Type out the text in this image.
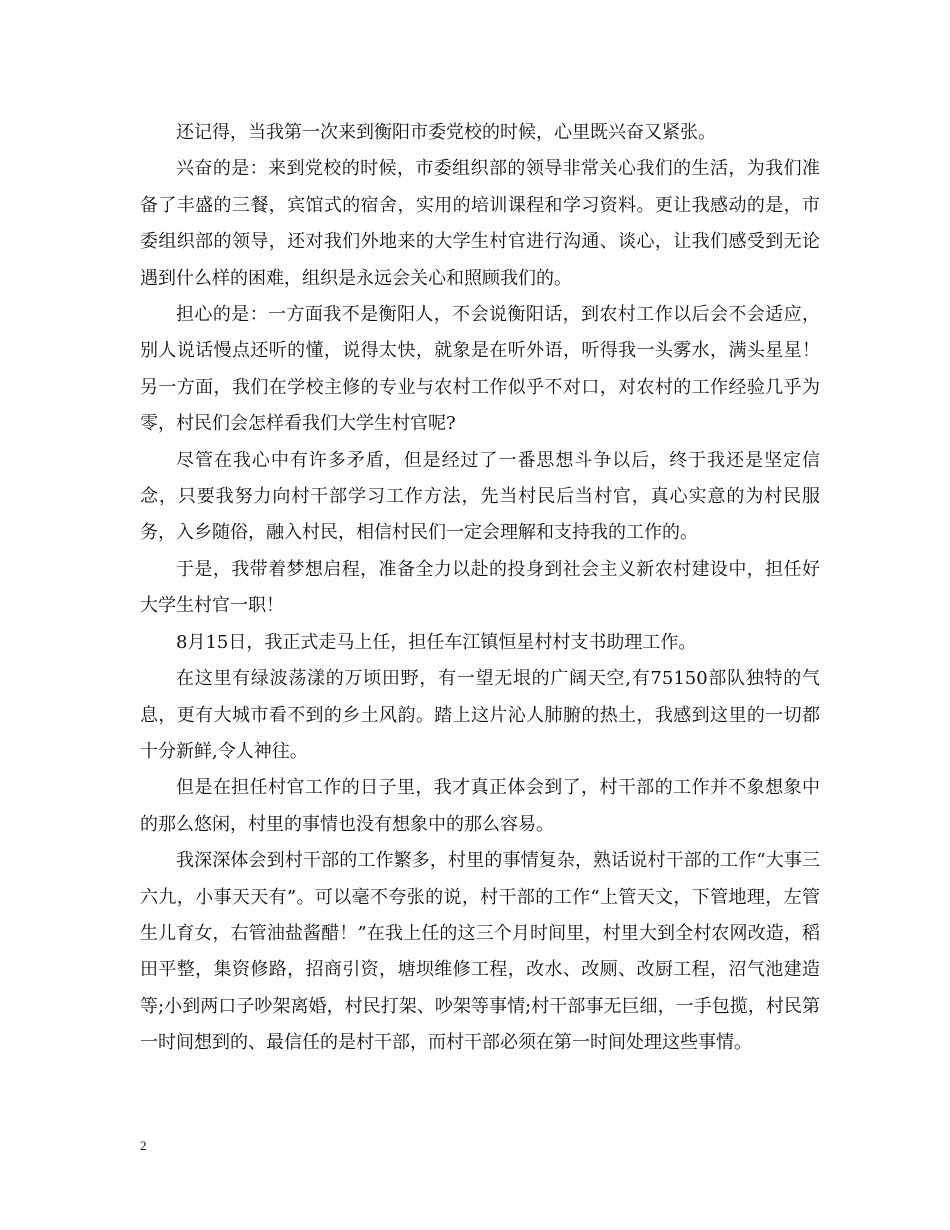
还记得，当我第一次来到衡阳市委党校的时候，心里既兴奋又紧张。

兴奋的是：来到党校的时候，市委组织部的领导非常关心我们的生活，为我们准备了丰盛的三餐，宾馆式的宿舍，实用的培训课程和学习资料。更让我感动的是，市委组织部的领导，还对我们外地来的大学生村官进行沟通、谈心，让我们感受到无论遇到什么样的困难，组织是永远会关心和照顾我们的。

担心的是：一方面我不是衡阳人，不会说衡阳话，到农村工作以后会不会适应，别人说话慢点还听的懂，说得太快，就象是在听外语，听得我一头雾水，满头星星！另一方面，我们在学校主修的专业与农村工作似乎不对口，对农村的工作经验几乎为零，村民们会怎样看我们大学生村官呢?

尽管在我心中有许多矛盾，但是经过了一番思想斗争以后，终于我还是坚定信念，只要我努力向村干部学习工作方法，先当村民后当村官，真心实意的为村民服务，入乡随俗，融入村民，相信村民们一定会理解和支持我的工作的。

于是，我带着梦想启程，准备全力以赴的投身到社会主义新农村建设中，担任好大学生村官一职！

8月15日，我正式走马上任，担任车江镇恒星村村支书助理工作。

在这里有绿波荡漾的万顷田野，有一望无垠的广阔天空,有75150部队独特的气息，更有大城市看不到的乡土风韵。踏上这片沁人肺腑的热土，我感到这里的一切都十分新鲜,令人神往。

但是在担任村官工作的日子里，我才真正体会到了，村干部的工作并不象想象中的那么悠闲，村里的事情也没有想象中的那么容易。

我深深体会到村干部的工作繁多，村里的事情复杂，熟话说村干部的工作“大事三六九，小事天天有”。可以毫不夸张的说，村干部的工作“上管天文，下管地理，左管生儿育女，右管油盐酱醋！”在我上任的这三个月时间里，村里大到全村农网改造，稻田平整，集资修路，招商引资，塘坝维修工程，改水、改厕、改厨工程，沼气池建造等;小到两口子吵架离婚，村民打架、吵架等事情;村干部事无巨细，一手包揽，村民第一时间想到的、最信任的是村干部，而村干部必须在第一时间处理这些事情。

2
